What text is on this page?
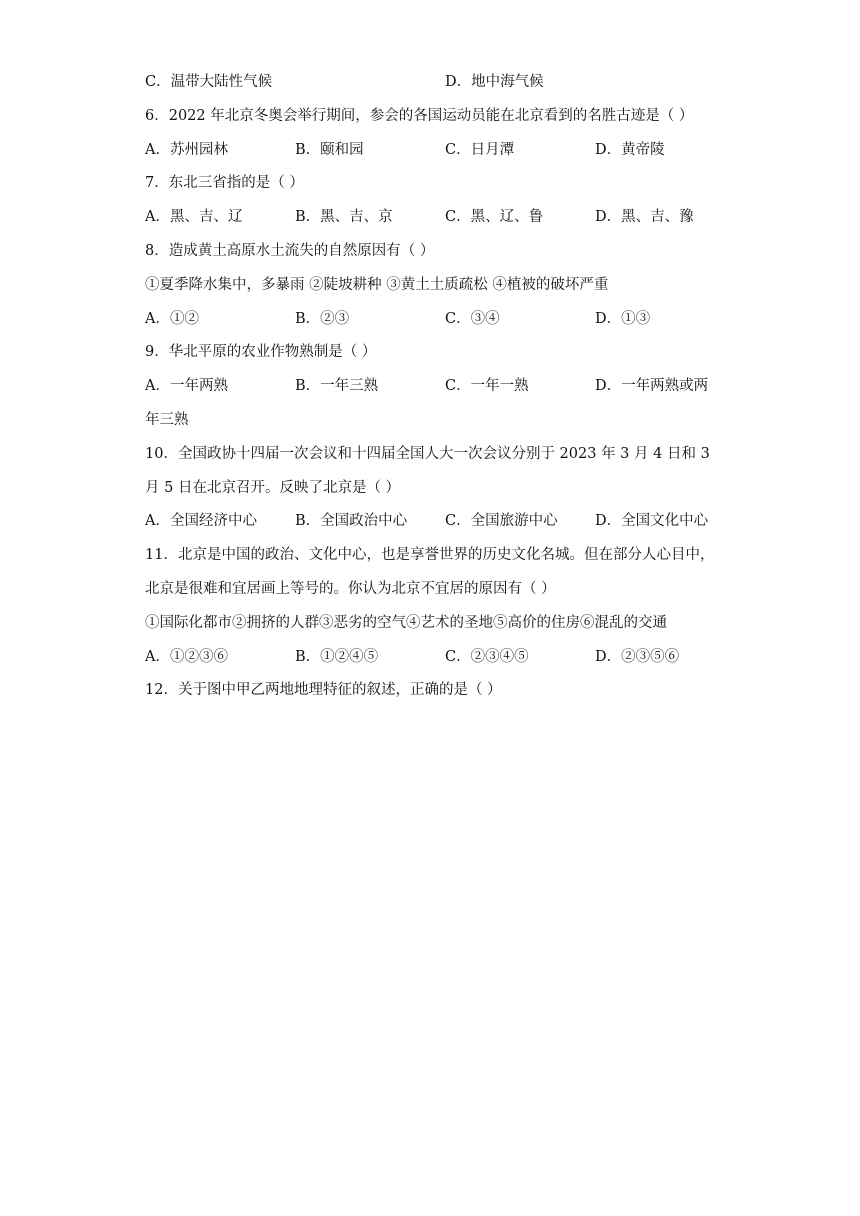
C．温带大陆性气候	D．地中海气候
6．2022 年北京冬奥会举行期间，参会的各国运动员能在北京看到的名胜古迹是（ ）
A．苏州园林	B．颐和园	C．日月潭	D．黄帝陵
7．东北三省指的是（ ）
A．黑、吉、辽	B．黑、吉、京	C．黑、辽、鲁	D．黑、吉、豫
8．造成黄土高原水土流失的自然原因有（ ）
①夏季降水集中，多暴雨 ②陡坡耕种 ③黄土土质疏松 ④植被的破坏严重
A．①②	B．②③	C．③④	D．①③
9．华北平原的农业作物熟制是（ ）
A．一年两熟	B．一年三熟	C．一年一熟	D．一年两熟或两
年三熟
10．全国政协十四届一次会议和十四届全国人大一次会议分别于 2023 年 3 月 4 日和 3
月 5 日在北京召开。反映了北京是（ ）
A．全国经济中心	B．全国政治中心	C．全国旅游中心	D．全国文化中心
11．北京是中国的政治、文化中心，也是享誉世界的历史文化名城。但在部分人心目中，
北京是很难和宜居画上等号的。你认为北京不宜居的原因有（ ）
①国际化都市②拥挤的人群③恶劣的空气④艺术的圣地⑤高价的住房⑥混乱的交通
A．①②③⑥	B．①②④⑤	C．②③④⑤	D．②③⑤⑥
12．关于图中甲乙两地地理特征的叙述，正确的是（ ）
